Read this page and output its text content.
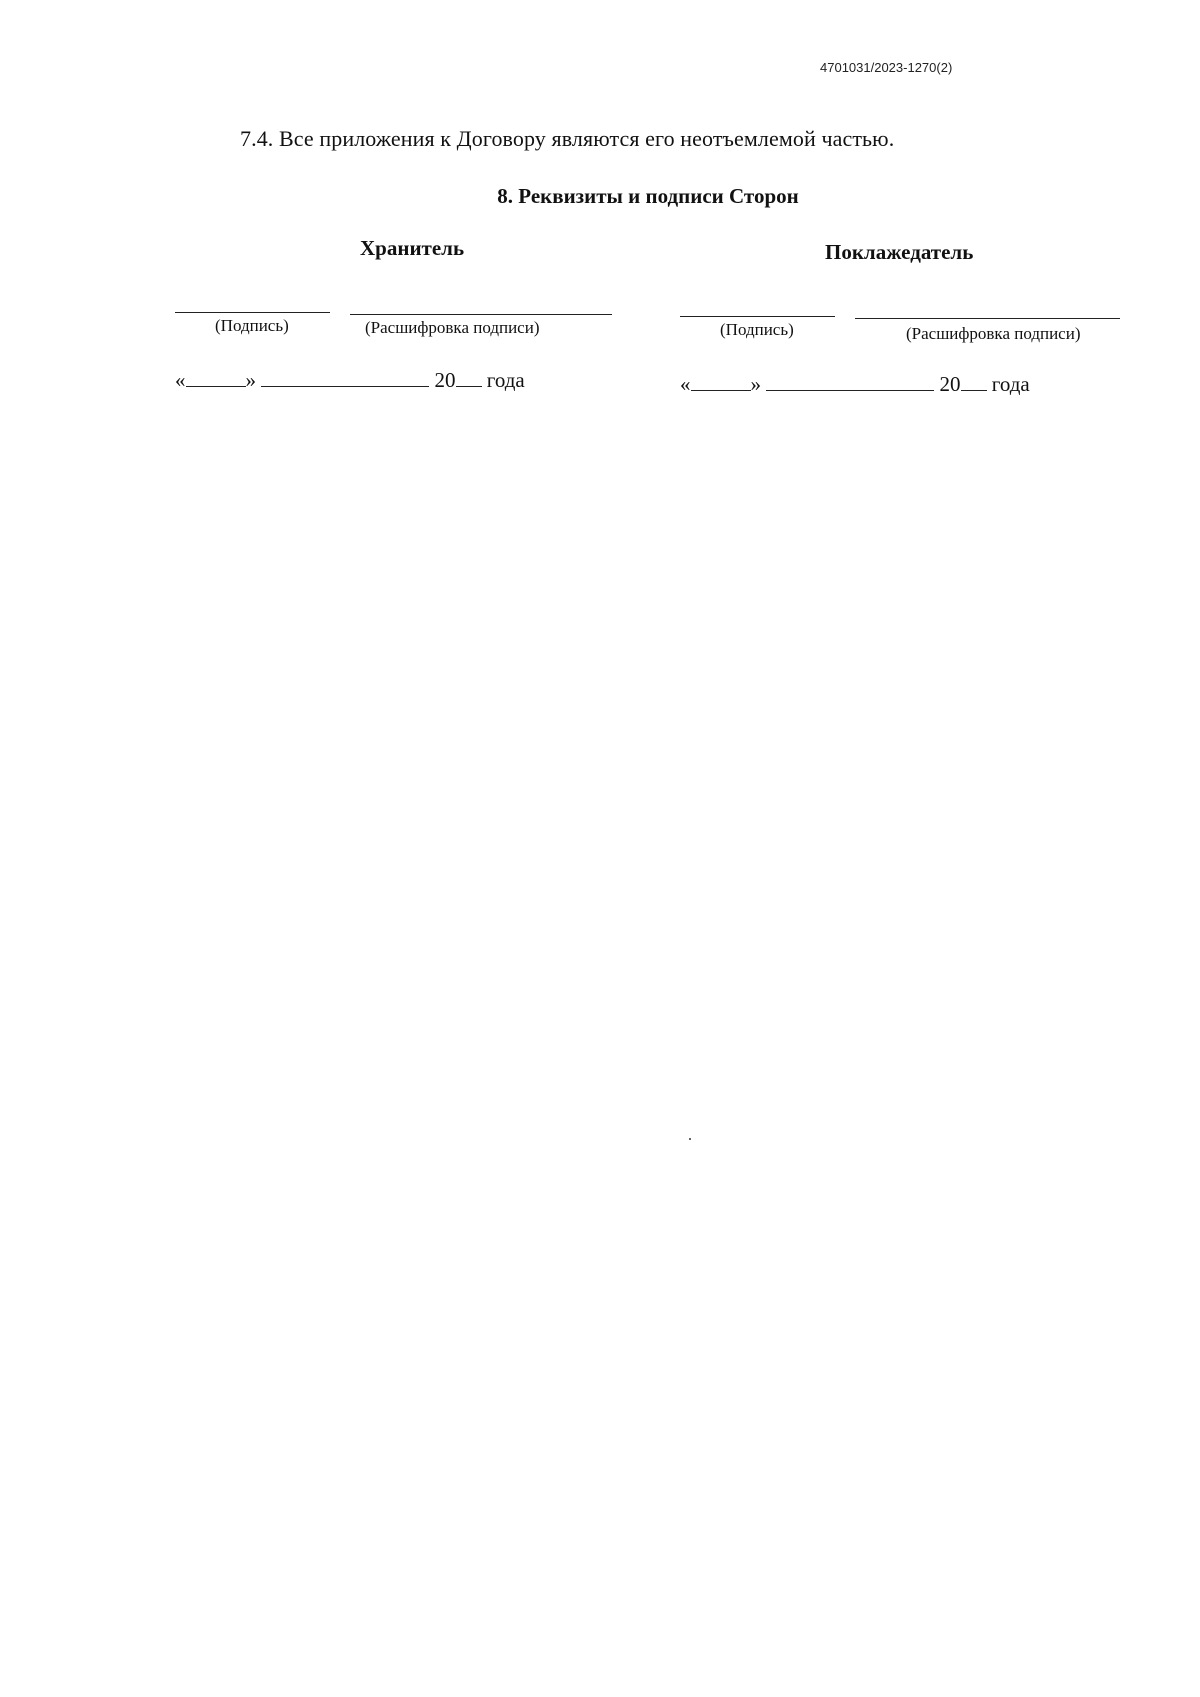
4701031/2023-1270(2)
7.4. Все приложения к Договору являются его неотъемлемой частью.
8. Реквизиты и подписи Сторон
Хранитель
(Подпись)	(Расшифровка подписи)
«	»	20 года
Поклажедатель
(Подпись)	(Расшифровка подписи)
«	»	20 года
